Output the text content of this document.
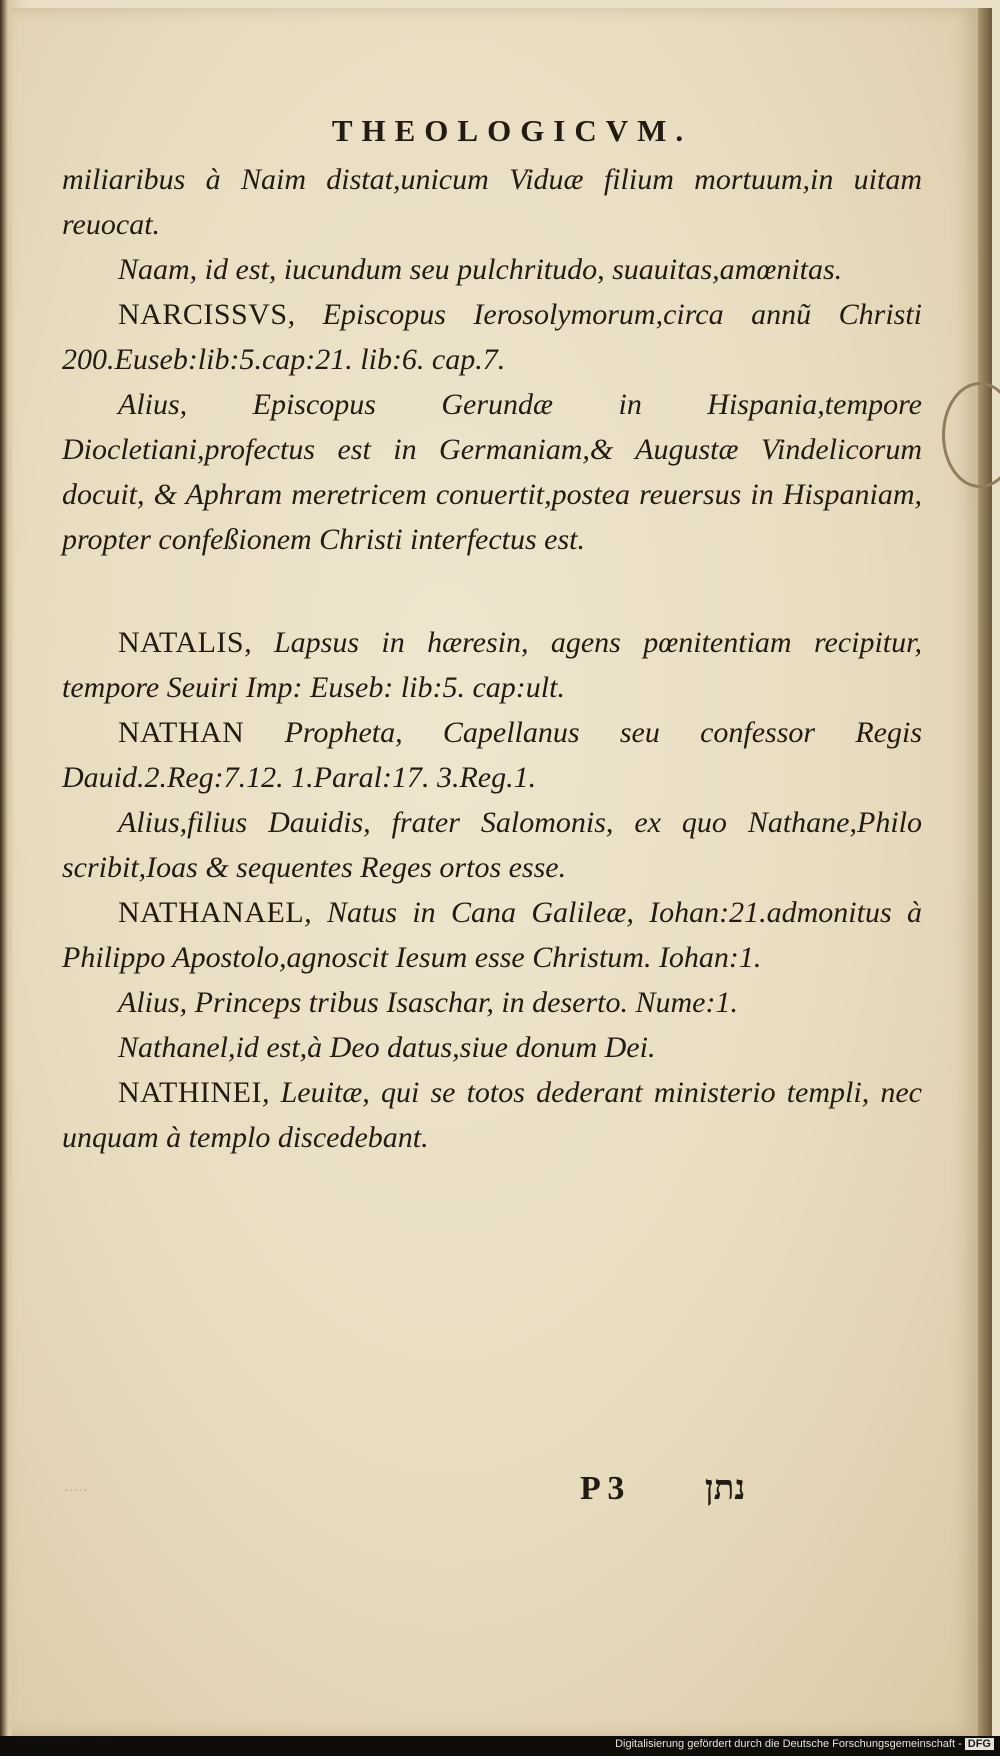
THEOLOGICVM.

miliaribus à Naim distat,unicum Viduæ filium mortuum,in uitam reuocat.

Naam, id est, iucundum seu pulchritudo, suauitas,amœnitas.

NARCISSVS, Episcopus Ierosolymorum,circa annũ Christi 200.Euseb:lib:5.cap:21. lib:6. cap.7.

Alius, Episcopus Gerundæ in Hispania,tempore Diocletiani,profectus est in Germaniam,& Augustæ Vindelicorum docuit, & Aphram meretricem conuertit,postea reuersus in Hispaniam, propter confeßionem Christi interfectus est.

NATALIS, Lapsus in hæresin, agens pœnitentiam recipitur, tempore Seuiri Imp: Euseb: lib:5. cap:ult.

NATHAN Propheta, Capellanus seu confessor Regis Dauid.2.Reg:7.12. 1.Paral:17. 3.Reg.1.

Alius,filius Dauidis, frater Salomonis, ex quo Nathane,Philo scribit,Ioas & sequentes Reges ortos esse.

NATHANAEL, Natus in Cana Galileæ, Iohan:21.admonitus à Philippo Apostolo,agnoscit Iesum esse Christum. Iohan:1.

Alius, Princeps tribus Isaschar, in deserto. Nume:1.

Nathanel,id est,à Deo datus,siue donum Dei.

NATHINEI, Leuitæ, qui se totos dederant ministerio templi, nec unquam à templo discedebant.

·····	P 3 נתן
Digitalisierung gefördert durch die Deutsche Forschungsgemeinschaft - DFG
